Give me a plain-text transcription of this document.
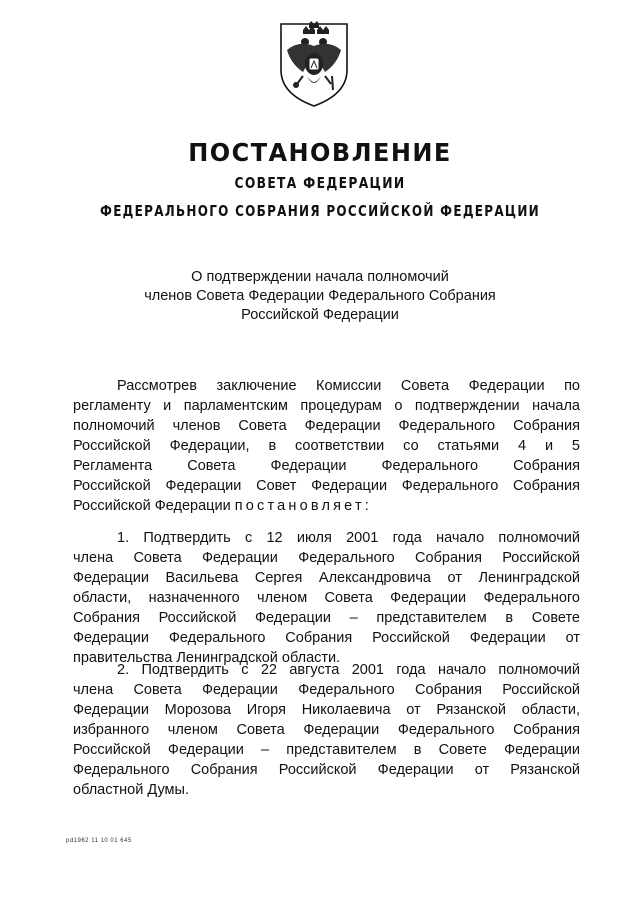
ПОСТАНОВЛЕНИЕ
СОВЕТА ФЕДЕРАЦИИ
ФЕДЕРАЛЬНОГО СОБРАНИЯ РОССИЙСКОЙ ФЕДЕРАЦИИ
О подтверждении начала полномочий
членов Совета Федерации Федерального Собрания
Российской Федерации
Рассмотрев заключение Комиссии Совета Федерации по
регламенту и парламентским процедурам о подтверждении начала
полномочий членов Совета Федерации Федерального Собрания
Российской Федерации, в соответствии со статьями 4 и 5
Регламента Совета Федерации Федерального Собрания
Российской Федерации Совет Федерации Федерального Собрания
Российской Федерации постановляет:
1. Подтвердить с 12 июля 2001 года начало полномочий
члена Совета Федерации Федерального Собрания Российской
Федерации Васильева Сергея Александровича от Ленинградской
области, назначенного членом Совета Федерации Федерального
Собрания Российской Федерации – представителем в Совете
Федерации Федерального Собрания Российской Федерации от
правительства Ленинградской области.
2. Подтвердить с 22 августа 2001 года начало полномочий
члена Совета Федерации Федерального Собрания Российской
Федерации Морозова Игоря Николаевича от Рязанской области,
избранного членом Совета Федерации Федерального Собрания
Российской Федерации – представителем в Совете Федерации
Федерального Собрания Российской Федерации от Рязанской
областной Думы.
pd1962 11 10 01 645
